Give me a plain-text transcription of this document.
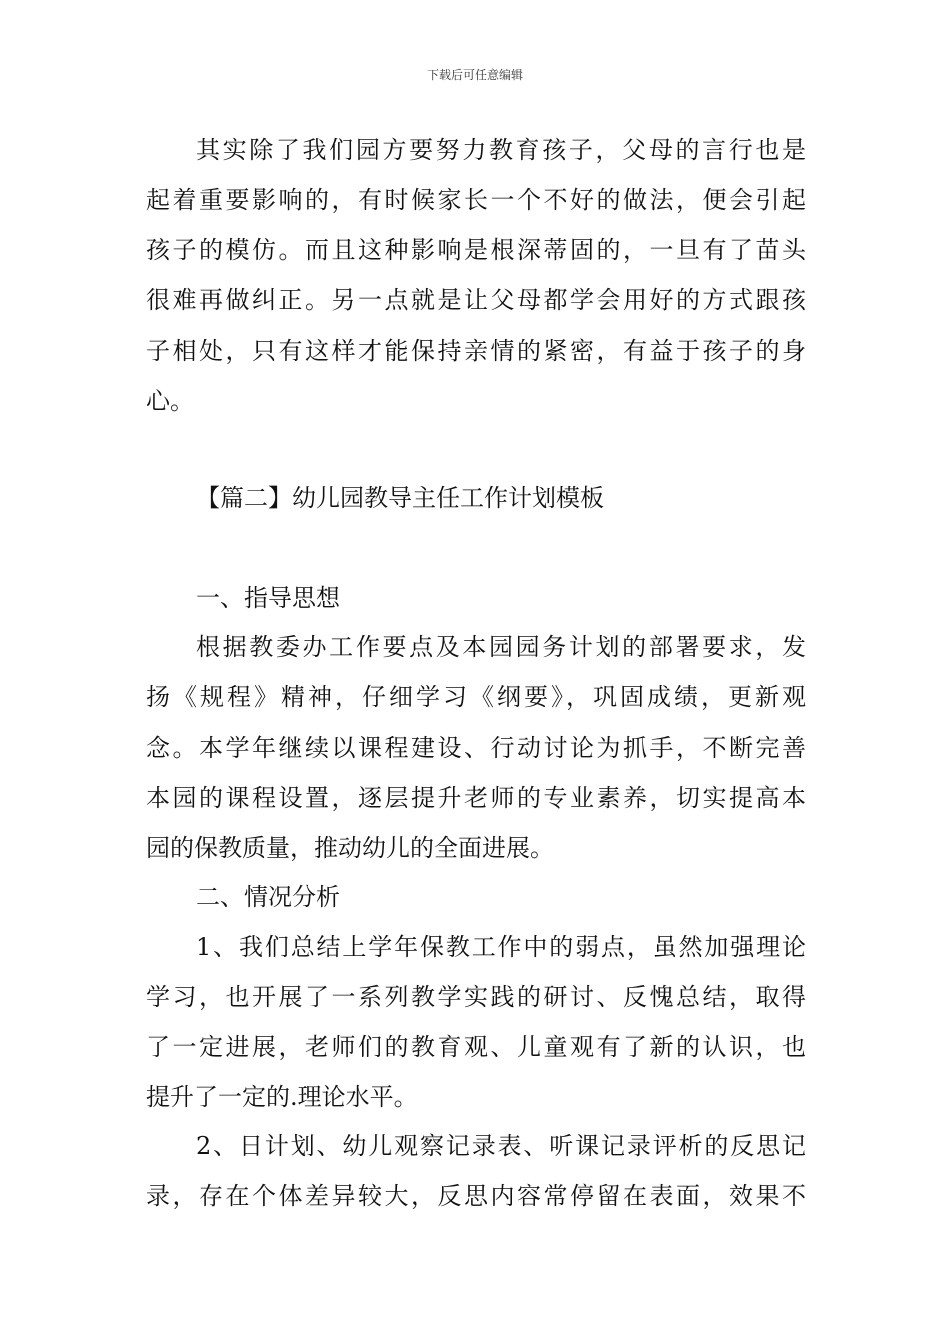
下载后可任意编辑
其实除了我们园方要努力教育孩子，父母的言行也是
起着重要影响的，有时候家长一个不好的做法，便会引起
孩子的模仿。而且这种影响是根深蒂固的，一旦有了苗头
很难再做纠正。另一点就是让父母都学会用好的方式跟孩
子相处，只有这样才能保持亲情的紧密，有益于孩子的身
心。
【篇二】幼儿园教导主任工作计划模板
一、指导思想
根据教委办工作要点及本园园务计划的部署要求，发
扬《规程》精神，仔细学习《纲要》，巩固成绩，更新观
念。本学年继续以课程建设、行动讨论为抓手，不断完善
本园的课程设置，逐层提升老师的专业素养，切实提高本
园的保教质量，推动幼儿的全面进展。
二、情况分析
1、我们总结上学年保教工作中的弱点，虽然加强理论
学习，也开展了一系列教学实践的研讨、反愧总结，取得
了一定进展，老师们的教育观、儿童观有了新的认识，也
提升了一定的.理论水平。
2、日计划、幼儿观察记录表、听课记录评析的反思记
录，存在个体差异较大，反思内容常停留在表面，效果不
